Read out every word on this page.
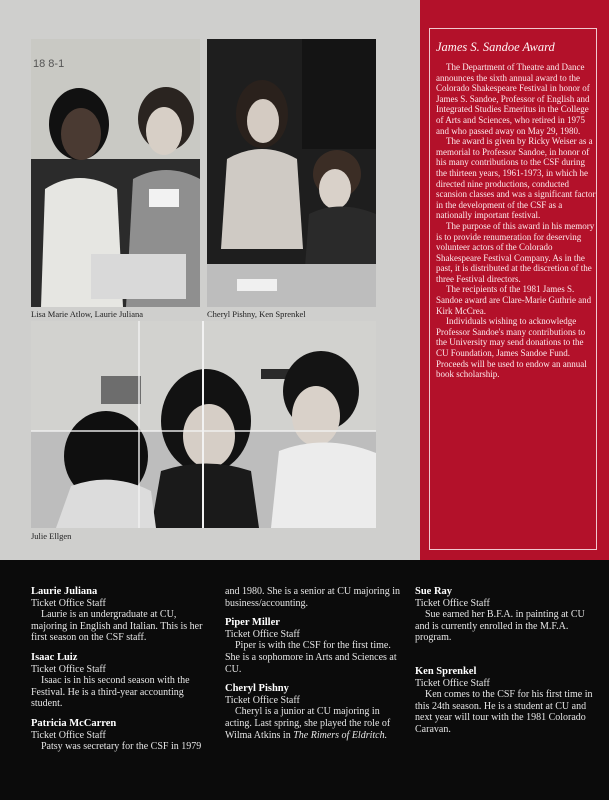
18 8-1
Lisa Marie Atlow, Laurie Juliana	Cheryl Pishny, Ken Sprenkel
Julie Ellgen
James S. Sandoe Award

The Department of Theatre and Dance announces the sixth annual award to the Colorado Shakespeare Festival in honor of James S. Sandoe, Professor of English and Integrated Studies Emeritus in the College of Arts and Sciences, who retired in 1975 and who passed away on May 29, 1980.

The award is given by Ricky Weiser as a memorial to Professor Sandoe, in honor of his many contributions to the CSF during the thirteen years, 1961-1973, in which he directed nine productions, conducted scansion classes and was a significant factor in the development of the CSF as a nationally important festival.

The purpose of this award in his memory is to provide renumeration for deserving volunteer actors of the Colorado Shakespeare Festival Company. As in the past, it is distributed at the discretion of the three Festival directors.

The recipients of the 1981 James S. Sandoe award are Clare-Marie Guthrie and Kirk McCrea.

Individuals wishing to acknowledge Professor Sandoe's many contributions to the University may send donations to the CU Foundation, James Sandoe Fund. Proceeds will be used to endow an annual book scholarship.

Laurie Juliana
Ticket Office Staff
Laurie is an undergraduate at CU, majoring in English and Italian. This is her first season on the CSF staff.
Isaac Luiz
Ticket Office Staff
Isaac is in his second season with the Festival. He is a third-year accounting student.
Patricia McCarren
Ticket Office Staff
Patsy was secretary for the CSF in 1979
and 1980. She is a senior at CU majoring in business/accounting.
Piper Miller
Ticket Office Staff
Piper is with the CSF for the first time. She is a sophomore in Arts and Sciences at CU.
Cheryl Pishny
Ticket Office Staff
Cheryl is a junior at CU majoring in acting. Last spring, she played the role of Wilma Atkins in The Rimers of Eldritch.
Sue Ray
Ticket Office Staff
Sue earned her B.F.A. in painting at CU and is currently enrolled in the M.F.A. program.
Ken Sprenkel
Ticket Office Staff
Ken comes to the CSF for his first time in this 24th season. He is a student at CU and next year will tour with the 1981 Colorado Caravan.
